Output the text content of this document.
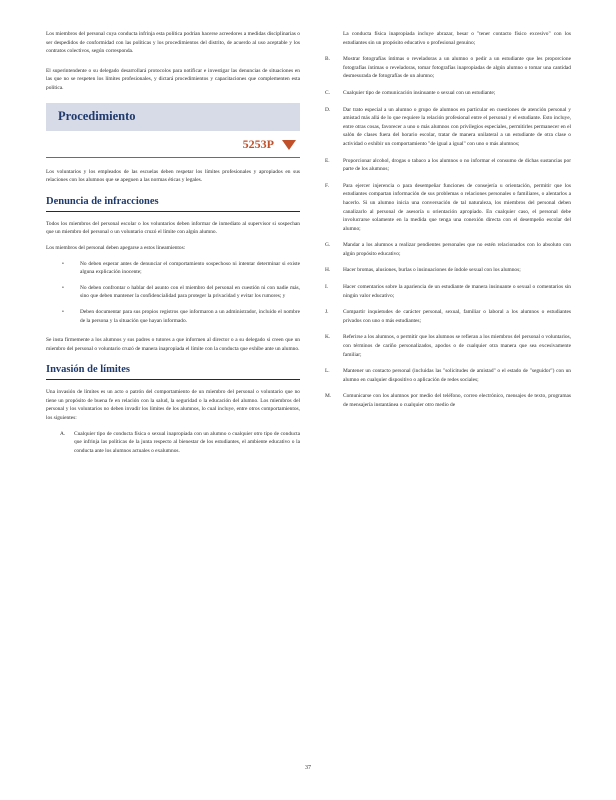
Los miembros del personal cuya conducta infrinja esta política podrían hacerse acreedores a medidas disciplinarias o ser despedidos de conformidad con las políticas y los procedimientos del distrito, de acuerdo al uso aceptable y los contratos colectivos, según corresponda.

El superintendente o su delegado desarrollará protocolos para notificar e investigar las denuncias de situaciones en las que no se respeten los límites profesionales, y dictará procedimientos y capacitaciones que complementen esta política.

Procedimiento
5253P

Los voluntarios y los empleados de las escuelas deben respetar los límites profesionales y apropiados en sus relaciones con los alumnos que se apeguen a las normas éticas y legales.

Denuncia de infracciones

Todos los miembros del personal escolar o los voluntarios deben informar de inmediato al supervisor si sospechan que un miembro del personal o un voluntario cruzó el límite con algún alumno.

Los miembros del personal deben apegarse a estos lineamientos:

•	No deben esperar antes de denunciar el comportamiento sospechoso ni intentar determinar si existe alguna explicación inocente;

•	No deben confrontar o hablar del asunto con el miembro del personal en cuestión ni con nadie más, sino que deben mantener la confidencialidad para proteger la privacidad y evitar los rumores; y

•	Deben documentar para sus propios registros que informaron a un administrador, incluido el nombre de la persona y la situación que hayan informado.

Se insta firmemente a los alumnos y sus padres o tutores a que informen al director o a su delegado si creen que un miembro del personal o voluntario cruzó de manera inapropiada el límite con la conducta que exhibe ante un alumno.

Invasión de límites

Una invasión de límites es un acto o patrón del comportamiento de un miembro del personal o voluntario que no tiene un propósito de buena fe en relación con la salud, la seguridad o la educación del alumno. Los miembros del personal y los voluntarios no deben invadir los límites de los alumnos, lo cual incluye, entre otros comportamientos, los siguientes:

A. Cualquier tipo de conducta física o sexual inapropiada con un alumno o cualquier otro tipo de conducta que infrinja las políticas de la junta respecto al bienestar de los estudiantes, el ambiente educativo o la conducta ante los alumnos actuales o exalumnos.

La conducta física inapropiada incluye abrazar, besar o "tener contacto físico excesivo" con los estudiantes sin un propósito educativo o profesional genuino;

B. Mostrar fotografías íntimas o reveladoras a un alumno o pedir a un estudiante que les proporcione fotografías íntimas o reveladoras, tomar fotografías inapropiadas de algún alumno o tomar una cantidad desmesurada de fotografías de un alumno;

C. Cualquier tipo de comunicación insinuante o sexual con un estudiante;

D. Dar trato especial a un alumno o grupo de alumnos en particular en cuestiones de atención personal y amistad más allá de lo que requiere la relación profesional entre el personal y el estudiante. Esto incluye, entre otras cosas, favorecer a uno o más alumnos con privilegios especiales, permitirles permanecer en el salón de clases fuera del horario escolar, tratar de manera unilateral a un estudiante de otra clase o actividad o exhibir un comportamiento "de igual a igual" con uno o más alumnos;

E. Proporcionar alcohol, drogas o tabaco a los alumnos o no informar el consumo de dichas sustancias por parte de los alumnos;

F.	Para ejercer injerencia o para desempeñar funciones de consejería u orientación, permitir que los estudiantes compartan información de sus problemas o relaciones personales o familiares, o alentarlos a hacerlo. Si un alumno inicia una conversación de tal naturaleza, los miembros del personal deben canalizarlo al personal de asesoría u orientación apropiado. En cualquier caso, el personal debe involucrarse solamente en la medida que tenga una conexión directa con el desempeño escolar del alumno;

G. Mandar a los alumnos a realizar pendientes personales que no estén relacionados con lo absoluto con algún propósito educativo;

H. Hacer bromas, alusiones, burlas o insinuaciones de índole sexual con los alumnos;

I.	Hacer comentarios sobre la apariencia de un estudiante de manera insinuante o sexual o comentarios sin ningún valor educativo;

J.	Compartir inquietudes de carácter personal, sexual, familiar o laboral a los alumnos o estudiantes privados con uno o más estudiantes;

K. Referirse a los alumnos, o permitir que los alumnos se refieran a los miembros del personal o voluntarios, con términos de cariño personalizados, apodos o de cualquier otra manera que sea excesivamente familiar;

L. Mantener un contacto personal (incluidas las "solicitudes de amistad" o el estado de "seguidor") con un alumno en cualquier dispositivo o aplicación de redes sociales;

M. Comunicarse con los alumnos por medio del teléfono, correo electrónico, mensajes de texto, programas de mensajería instantánea o cualquier otro medio de

37
